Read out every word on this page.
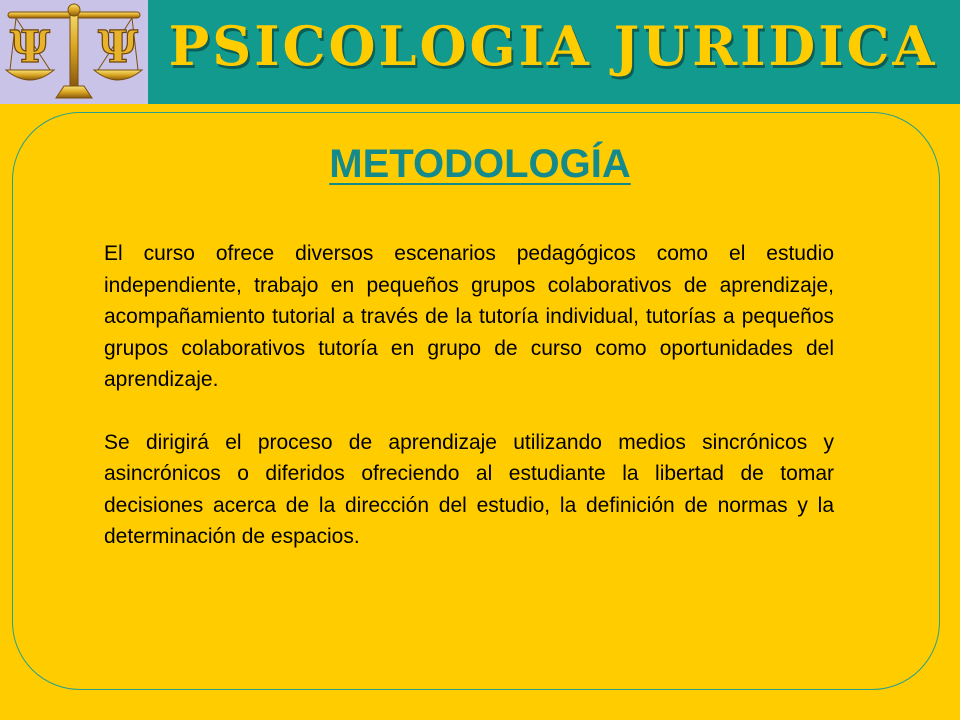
Ψ Ψ PSICOLOGIA JURIDICA
METODOLOGÍA

El curso ofrece diversos escenarios pedagógicos como el estudio independiente, trabajo en pequeños grupos colaborativos de aprendizaje, acompañamiento tutorial a través de la tutoría individual, tutorías a pequeños grupos colaborativos tutoría en grupo de curso como oportunidades del aprendizaje.

Se dirigirá el proceso de aprendizaje utilizando medios sincrónicos y asincrónicos o diferidos ofreciendo al estudiante la libertad de tomar decisiones acerca de la dirección del estudio, la definición de normas y la determinación de espacios.
